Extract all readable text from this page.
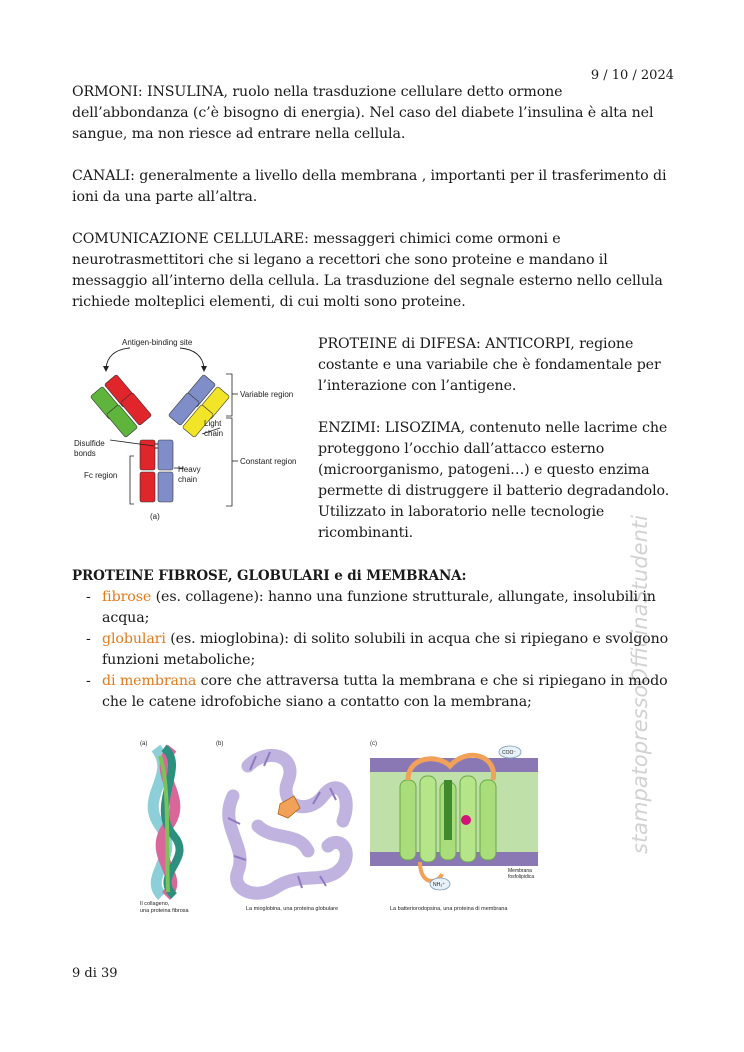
9 / 10 / 2024
9 di 39
stampatopressoOfficinaStudenti
ORMONI: INSULINA, ruolo nella trasduzione cellulare detto ormone
dell’abbondanza (c’è bisogno di energia). Nel caso del diabete l’insulina è alta nel
sangue, ma non riesce ad entrare nella cellula.
CANALI: generalmente a livello della membrana , importanti per il trasferimento di
ioni da una parte all’altra.
COMUNICAZIONE CELLULARE: messaggeri chimici come ormoni e
neurotrasmettitori che si legano a recettori che sono proteine e mandano il
messaggio all’interno della cellula. La trasduzione del segnale esterno nello cellula
richiede molteplici elementi, di cui molti sono proteine.
Antigen-binding site
Variable region
Constant region
Light
chain
Heavy
chain
Disulfide
bonds
Fc region
(a)
PROTEINE di DIFESA: ANTICORPI, regione
costante e una variabile che è fondamentale per
l’interazione con l’antigene.
ENZIMI: LISOZIMA, contenuto nelle lacrime che
proteggono l’occhio dall’attacco esterno
(microorganismo, patogeni…) e questo enzima
permette di distruggere il batterio degradandolo.
Utilizzato in laboratorio nelle tecnologie
ricombinanti.
PROTEINE FIBROSE, GLOBULARI e di MEMBRANA:
- fibrose (es. collagene): hanno una funzione strutturale, allungate, insolubili in
acqua;
- globulari (es. mioglobina): di solito solubili in acqua che si ripiegano e svolgono
funzioni metaboliche;
- di membrana core che attraversa tutta la membrana e che si ripiegano in modo
che le catene idrofobiche siano a contatto con la membrana;
(a)	(b)	(c)
Il collageno,
una proteina fibrosa	La mioglobina, una proteina globulare
COO⁻
NH₃⁺
Membrana
fosfolipidica
La batteriorodopsina, una proteina di membrana
